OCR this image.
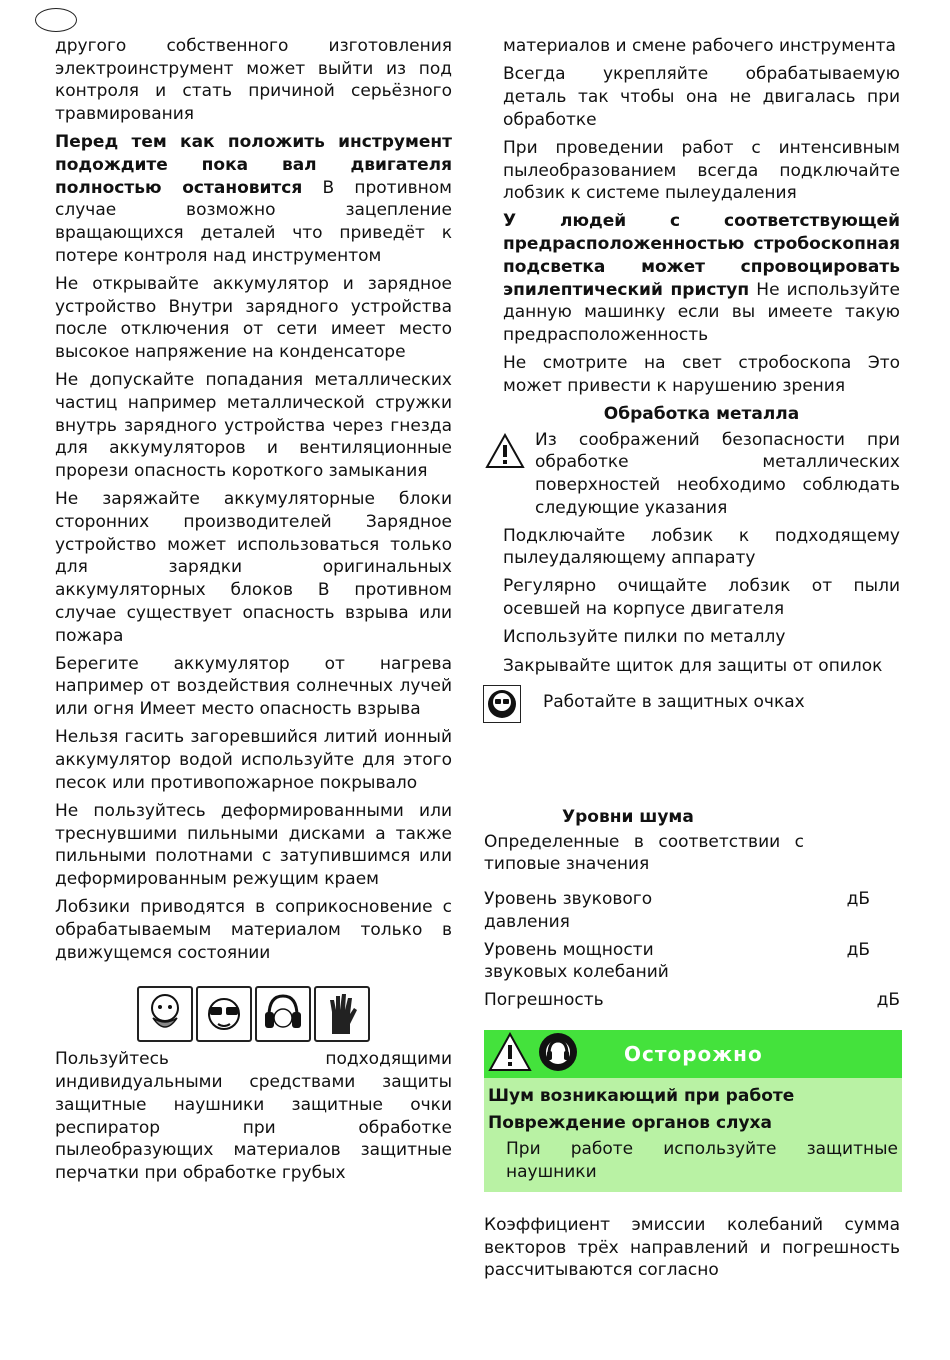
другого собственного изготовления электроинструмент может выйти из под контроля и стать причиной серьёзного травмирования

Перед тем как положить инструмент подождите пока вал двигателя полностью остановится В противном случае возможно зацепление вращающихся деталей что приведёт к потере контроля над инструментом

Не открывайте аккумулятор и зарядное устройство Внутри зарядного устройства после отключения от сети имеет место высокое напряжение на конденсаторе

Не допускайте попадания металлических частиц например металлической стружки внутрь зарядного устройства через гнезда для аккумуляторов и вентиляционные прорези опасность короткого замыкания

Не заряжайте аккумуляторные блоки сторонних производителей Зарядное устройство может использоваться только для зарядки оригинальных аккумуляторных блоков В противном случае существует опасность взрыва или пожара

Берегите аккумулятор от нагрева например от воздействия солнечных лучей или огня Имеет место опасность взрыва

Нельзя гасить загоревшийся литий ионный аккумулятор водой используйте для этого песок или противопожарное покрывало

Не пользуйтесь деформированными или треснувшими пильными дисками а также пильными полотнами с затупившимся или деформированным режущим краем

Лобзики приводятся в соприкосновение с обрабатываемым материалом только в движущемся состоянии

Пользуйтесь подходящими индивидуальными средствами защиты защитные наушники защитные очки респиратор при обработке пылеобразующих материалов защитные перчатки при обработке грубых

материалов и смене рабочего инструмента

Всегда укрепляйте обрабатываемую деталь так чтобы она не двигалась при обработке

При проведении работ с интенсивным пылеобразованием всегда подключайте лобзик к системе пылеудаления

У людей с соответствующей предрасположенностью стробоскопная подсветка может спровоцировать эпилептический приступ Не используйте данную машинку если вы имеете такую предрасположенность

Не смотрите на свет стробоскопа Это может привести к нарушению зрения

Обработка металла

Из соображений безопасности при обработке металлических поверхностей необходимо соблюдать следующие указания

Подключайте лобзик к подходящему пылеудаляющему аппарату

Регулярно очищайте лобзик от пыли осевшей на корпусе двигателя

Используйте пилки по металлу

Закрывайте щиток для защиты от опилок

Работайте в защитных очках

Уровни шума

Определенные в соответствии с типовые значения

Уровень звукового давления
дБ
Уровень мощности звуковых колебаний
дБ
Погрешность	дБ
Осторожно

Шум возникающий при работе

Повреждение органов слуха

При работе используйте защитные наушники

Коэффициент эмиссии колебаний сумма векторов трёх направлений и погрешность рассчитываются согласно
